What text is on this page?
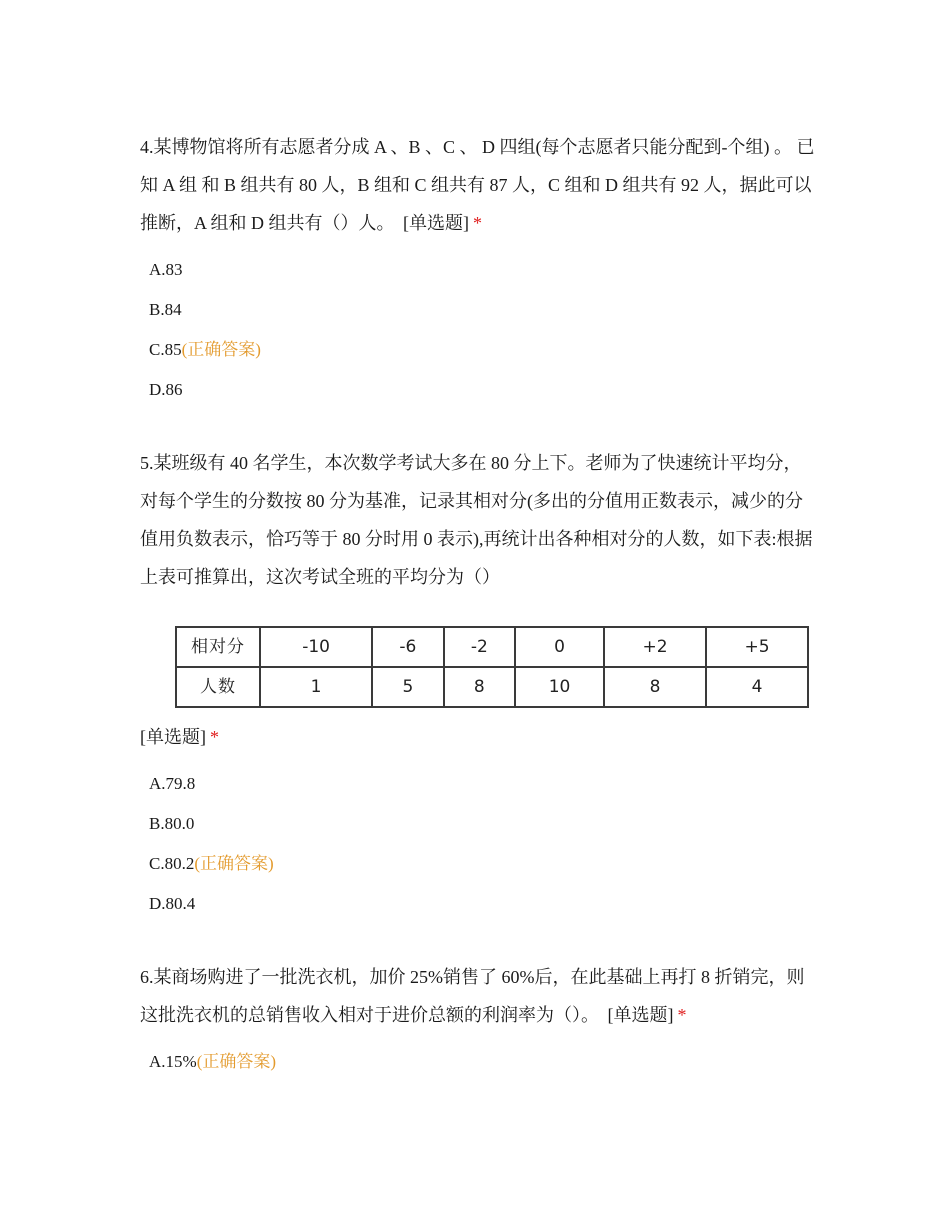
4.某博物馆将所有志愿者分成 A 、B 、C 、 D 四组(每个志愿者只能分配到-个组) 。 已知 A 组 和 B 组共有 80 人，B 组和 C 组共有 87 人，C 组和 D 组共有 92 人，据此可以推断，A 组和 D 组共有（）人。 [单选题] *

A.83
B.84
C.85(正确答案)
D.86

5.某班级有 40 名学生，本次数学考试大多在 80 分上下。老师为了快速统计平均分，对每个学生的分数按 80 分为基准，记录其相对分(多出的分值用正数表示，减少的分值用负数表示，恰巧等于 80 分时用 0 表示),再统计出各种相对分的人数，如下表:根据上表可推算出，这次考试全班的平均分为（）

相对分	-10	-6	-2	0	+2	+5
人数	1	5	8	10	8	4
[单选题] *
A.79.8
B.80.0
C.80.2(正确答案)
D.80.4

6.某商场购进了一批洗衣机，加价 25%销售了 60%后，在此基础上再打 8 折销完，则这批洗衣机的总销售收入相对于进价总额的利润率为（）。 [单选题] *

A.15%(正确答案)
